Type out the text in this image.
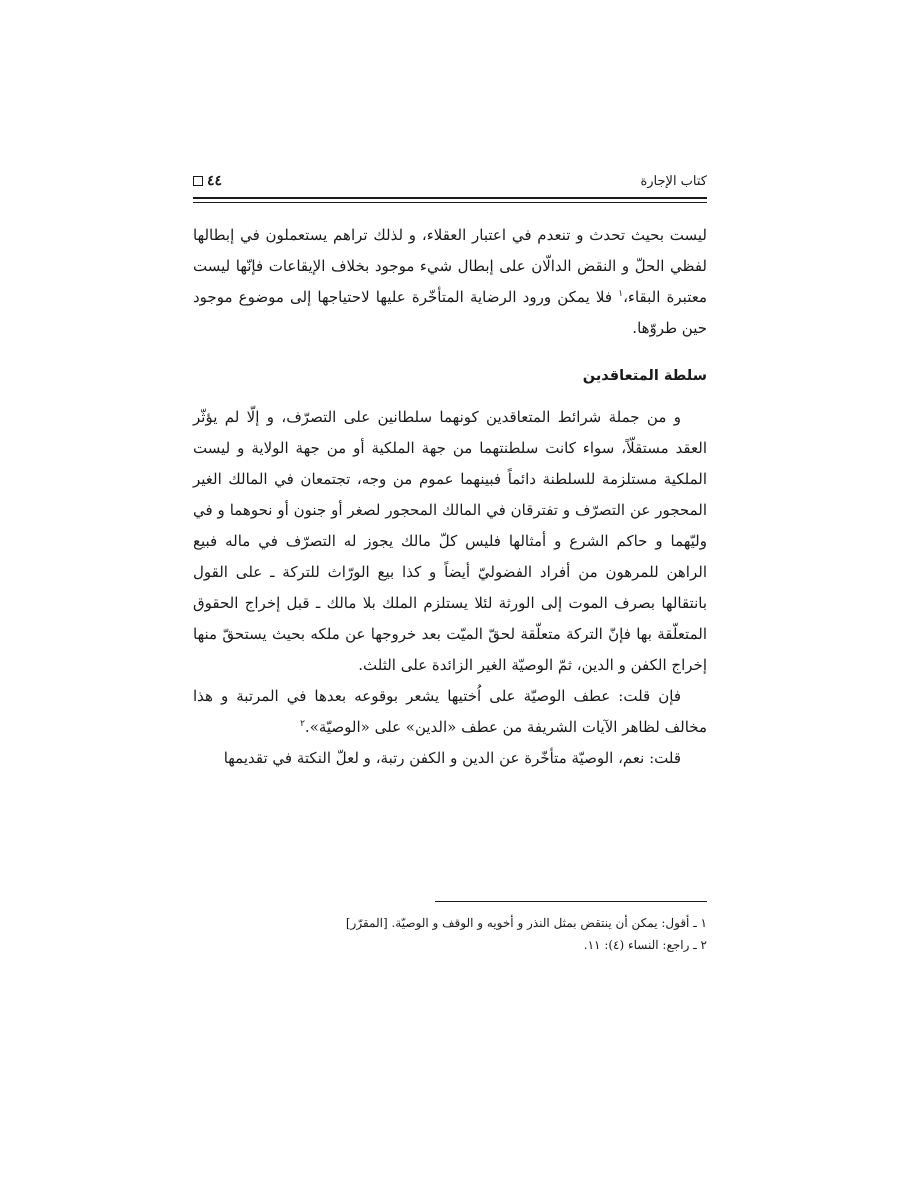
كتاب الإجارة
٤٤

ليست بحيث تحدث و تنعدم في اعتبار العقلاء، و لذلك تراهم يستعملون في إبطالها لفظي الحلّ و النقض الدالّان على إبطال شيء موجود بخلاف الإيقاعات فإنّها ليست معتبرة البقاء،$^١$ فلا يمكن ورود الرضاية المتأخّرة عليها لاحتياجها إلى موضوع موجود حين طروّها.

سلطة المتعاقدين

و من جملة شرائط المتعاقدين كونهما سلطانين على التصرّف، و إلّا لم يؤثّر العقد مستقلّاً، سواء كانت سلطنتهما من جهة الملكية أو من جهة الولاية و ليست الملكية مستلزمة للسلطنة دائماً فبينهما عموم من وجه، تجتمعان في المالك الغير المحجور عن التصرّف و تفترقان في المالك المحجور لصغر أو جنون أو نحوهما و في وليّهما و حاكم الشرع و أمثالها فليس كلّ مالك يجوز له التصرّف في ماله فبيع الراهن للمرهون من أفراد الفضوليّ أيضاً و كذا بيع الورّاث للتركة ـ على القول بانتقالها بصرف الموت إلى الورثة لئلا يستلزم الملك بلا مالك ـ قبل إخراج الحقوق المتعلّقة بها فإنّ التركة متعلّقة لحقّ الميّت بعد خروجها عن ملكه بحيث يستحقّ منها إخراج الكفن و الدين، ثمّ الوصيّة الغير الزائدة على الثلث.

فإن قلت: عطف الوصيّة على اُختيها يشعر بوقوعه بعدها في المرتبة و هذا مخالف لظاهر الآيات الشريفة من عطف «الدين» على «الوصيّة».$^٢$

قلت: نعم، الوصيّة متأخّرة عن الدين و الكفن رتبة، و لعلّ النكتة في تقديمها

١ ـ أقول: يمكن أن ينتقض بمثل النذر و أخويه و الوقف و الوصيّة. [المقرّر]

٢ ـ راجع: النساء (٤): ١١.
